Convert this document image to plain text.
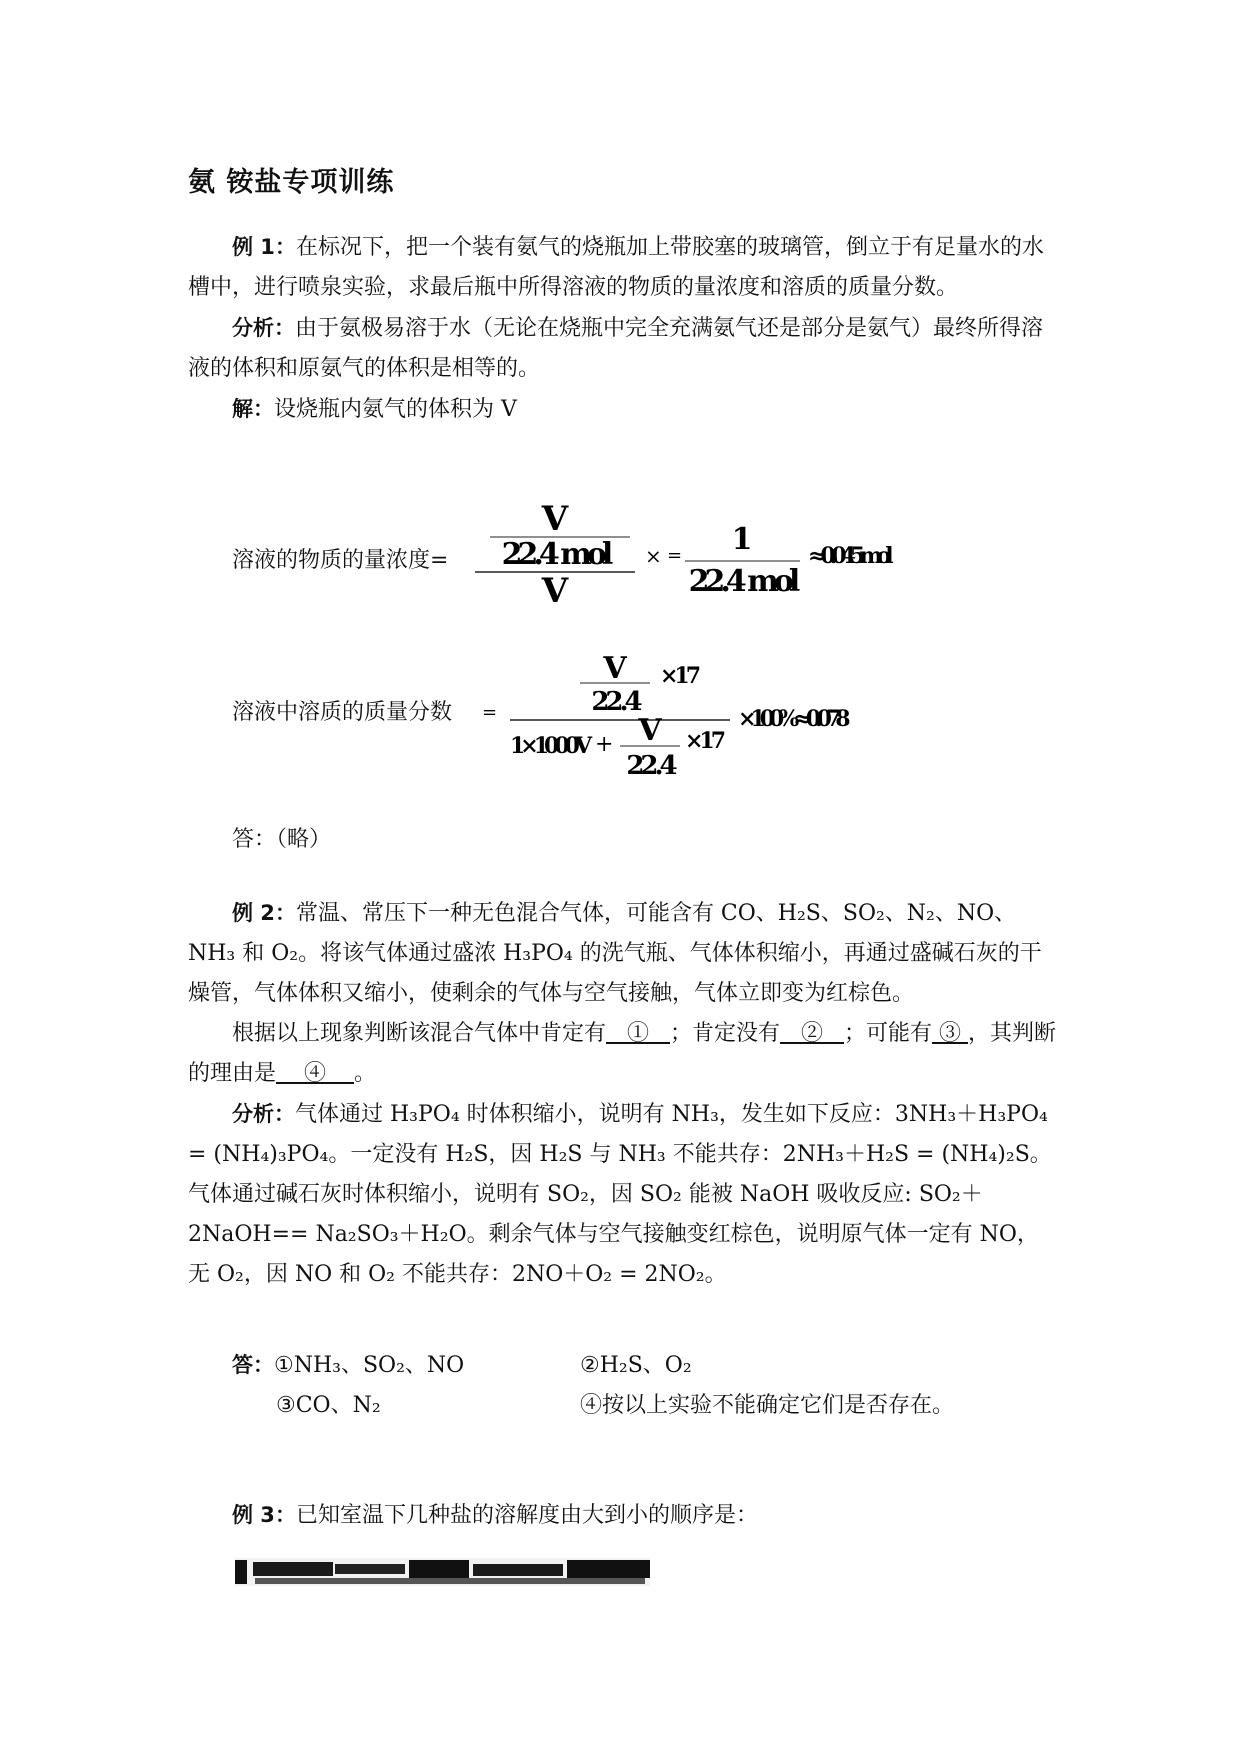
氨 铵盐专项训练

例 1：在标况下，把一个装有氨气的烧瓶加上带胶塞的玻璃管，倒立于有足量水的水槽中，进行喷泉实验，求最后瓶中所得溶液的物质的量浓度和溶质的质量分数。

分析：由于氨极易溶于水（无论在烧瓶中完全充满氨气还是部分是氨气）最终所得溶液的体积和原氨气的体积是相等的。

解：设烧瓶内氨气的体积为 V

溶液的物质的量浓度=
V
22.4 mol
V
× = 1
22.4 mol
≈0.045mol
溶液中溶质的质量分数 =
V ×17
22.4
1×1000V + V ×17
22.4
×100%≈0.078
答：（略）

例 2：常温、常压下一种无色混合气体，可能含有 CO、H₂S、SO₂、N₂、NO、NH₃ 和 O₂。将该气体通过盛浓 H₃PO₄ 的洗气瓶、气体体积缩小，再通过盛碱石灰的干燥管，气体体积又缩小，使剩余的气体与空气接触，气体立即变为红棕色。

根据以上现象判断该混合气体中肯定有 ① ；肯定没有 ② ；可能有 ③ ，其判断的理由是 ④ 。

分析：气体通过 H₃PO₄ 时体积缩小，说明有 NH₃，发生如下反应：3NH₃＋H₃PO₄ = (NH₄)₃PO₄。一定没有 H₂S，因 H₂S 与 NH₃ 不能共存：2NH₃＋H₂S = (NH₄)₂S。气体通过碱石灰时体积缩小，说明有 SO₂，因 SO₂ 能被 NaOH 吸收反应: SO₂＋2NaOH== Na₂SO₃＋H₂O。剩余气体与空气接触变红棕色，说明原气体一定有 NO，无 O₂，因 NO 和 O₂ 不能共存：2NO＋O₂ = 2NO₂。

答：①NH₃、SO₂、NO	②H₂S、O₂
③CO、N₂	④按以上实验不能确定它们是否存在。
例 3：已知室温下几种盐的溶解度由大到小的顺序是：
